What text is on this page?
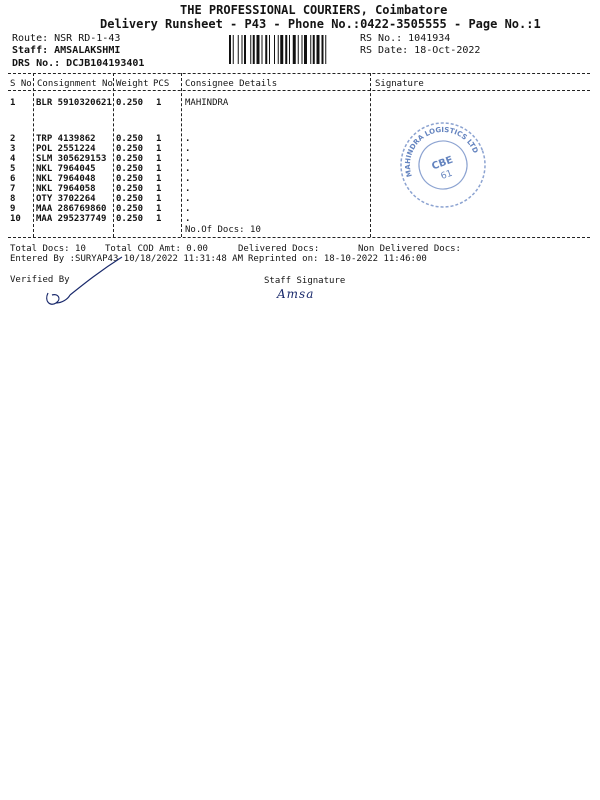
THE PROFESSIONAL COURIERS, Coimbatore
Delivery Runsheet - P43 - Phone No.:0422-3505555 - Page No.:1
Route: NSR RD-1-43
Staff: AMSALAKSHMI
DRS No.: DCJB104193401
RS No.: 1041934
RS Date: 18-Oct-2022
S No Consignment No Weight PCS Consignee Details	Signature
1 BLR 5910320621 0.250 1	MAHINDRA
2 TRP 4139862 0.250 1	.
3 POL 2551224 0.250 1	.
4 SLM 305629153 0.250 1	.
5 NKL 7964045 0.250 1	.
6 NKL 7964048 0.250 1	.
7 NKL 7964058 0.250 1	.
8 OTY 3702264 0.250 1	.
9 MAA 286769860 0.250 1	.
10 MAA 295237749 0.250 1	.
No.Of Docs: 10
MAHINDRA LOGISTICS LTD
CBE
61
Total Docs: 10 Total COD Amt: 0.00	Delivered Docs:	Non Delivered Docs:
Entered By :SURYAP43 10/18/2022 11:31:48 AM Reprinted on: 18-10-2022 11:46:00
Verified By	Staff Signature
Amsa
